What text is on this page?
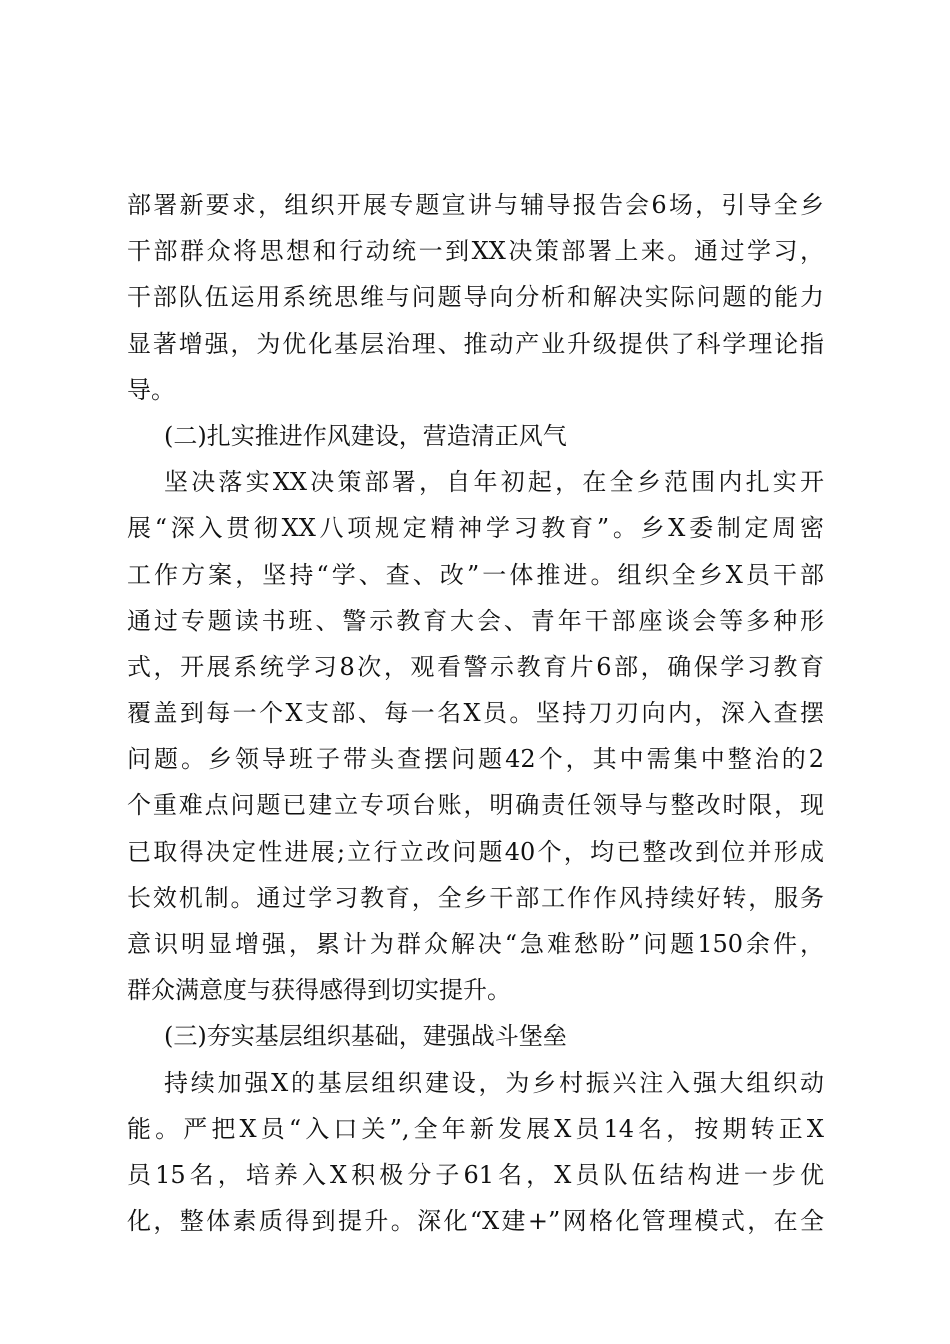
部署新要求，组织开展专题宣讲与辅导报告会6场，引导全乡
干部群众将思想和行动统一到XX决策部署上来。通过学习，
干部队伍运用系统思维与问题导向分析和解决实际问题的能力
显著增强，为优化基层治理、推动产业升级提供了科学理论指
导。
(二)扎实推进作风建设，营造清正风气
坚决落实XX决策部署，自年初起，在全乡范围内扎实开
展“深入贯彻XX八项规定精神学习教育”。乡X委制定周密
工作方案，坚持“学、查、改”一体推进。组织全乡X员干部
通过专题读书班、警示教育大会、青年干部座谈会等多种形
式，开展系统学习8次，观看警示教育片6部，确保学习教育
覆盖到每一个X支部、每一名X员。坚持刀刃向内，深入查摆
问题。乡领导班子带头查摆问题42个，其中需集中整治的2
个重难点问题已建立专项台账，明确责任领导与整改时限，现
已取得决定性进展;立行立改问题40个，均已整改到位并形成
长效机制。通过学习教育，全乡干部工作作风持续好转，服务
意识明显增强，累计为群众解决“急难愁盼”问题150余件，
群众满意度与获得感得到切实提升。
(三)夯实基层组织基础，建强战斗堡垒
持续加强X的基层组织建设，为乡村振兴注入强大组织动
能。严把X员“入口关”,全年新发展X员14名，按期转正X
员15名，培养入X积极分子61名，X员队伍结构进一步优
化，整体素质得到提升。深化“X建+”网格化管理模式，在全
